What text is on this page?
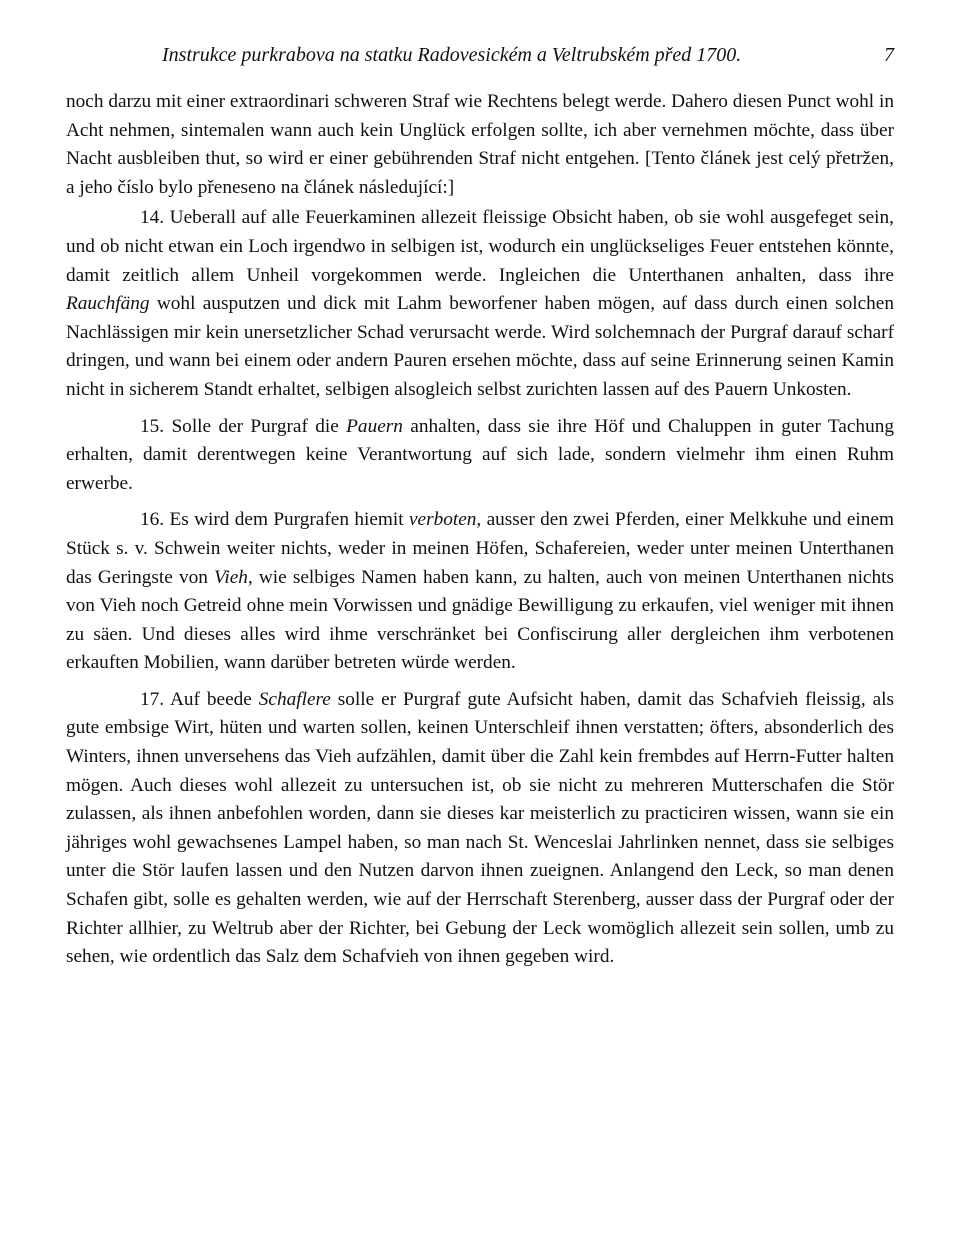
Instrukce purkrabova na statku Radovesickém a Veltrubském před 1700.	7

noch darzu mit einer extraordinari schweren Straf wie Rechtens belegt werde. Dahero diesen Punct wohl in Acht nehmen, sintemalen wann auch kein Unglück erfolgen sollte, ich aber vernehmen möchte, dass über Nacht ausbleiben thut, so wird er einer gebührenden Straf nicht entgehen. [Tento článek jest celý přetržen, a jeho číslo bylo přeneseno na článek následující:]

14. Ueberall auf alle Feuerkaminen allezeit fleissige Obsicht haben, ob sie wohl ausgefeget sein, und ob nicht etwan ein Loch irgendwo in selbigen ist, wodurch ein unglückseliges Feuer entstehen könnte, damit zeitlich allem Unheil vorgekommen werde. Ingleichen die Unterthanen anhalten, dass ihre Rauchfäng wohl ausputzen und dick mit Lahm beworfener haben mögen, auf dass durch einen solchen Nachlässigen mir kein unersetzlicher Schad verursacht werde. Wird solchemnach der Purgraf darauf scharf dringen, und wann bei einem oder andern Pauren ersehen möchte, dass auf seine Erinnerung seinen Kamin nicht in sicherem Standt erhaltet, selbigen alsogleich selbst zurichten lassen auf des Pauern Unkosten.

15. Solle der Purgraf die Pauern anhalten, dass sie ihre Höf und Chaluppen in guter Tachung erhalten, damit derentwegen keine Verantwortung auf sich lade, sondern vielmehr ihm einen Ruhm erwerbe.

16. Es wird dem Purgrafen hiemit verboten, ausser den zwei Pferden, einer Melkkuhe und einem Stück s. v. Schwein weiter nichts, weder in meinen Höfen, Schafereien, weder unter meinen Unterthanen das Geringste von Vieh, wie selbiges Namen haben kann, zu halten, auch von meinen Unterthanen nichts von Vieh noch Getreid ohne mein Vorwissen und gnädige Bewilligung zu erkaufen, viel weniger mit ihnen zu säen. Und dieses alles wird ihme verschränket bei Confiscirung aller dergleichen ihm verbotenen erkauften Mobilien, wann darüber betreten würde werden.

17. Auf beede Schaflere solle er Purgraf gute Aufsicht haben, damit das Schafvieh fleissig, als gute embsige Wirt, hüten und warten sollen, keinen Unterschleif ihnen verstatten; öfters, absonderlich des Winters, ihnen unversehens das Vieh aufzählen, damit über die Zahl kein frembdes auf Herrn-Futter halten mögen. Auch dieses wohl allezeit zu untersuchen ist, ob sie nicht zu mehreren Mutterschafen die Stör zulassen, als ihnen anbefohlen worden, dann sie dieses kar meisterlich zu practiciren wissen, wann sie ein jähriges wohl gewachsenes Lampel haben, so man nach St. Wenceslai Jahrlinken nennet, dass sie selbiges unter die Stör laufen lassen und den Nutzen darvon ihnen zueignen. Anlangend den Leck, so man denen Schafen gibt, solle es gehalten werden, wie auf der Herrschaft Sterenberg, ausser dass der Purgraf oder der Richter allhier, zu Weltrub aber der Richter, bei Gebung der Leck womöglich allezeit sein sollen, umb zu sehen, wie ordentlich das Salz dem Schafvieh von ihnen gegeben wird.
